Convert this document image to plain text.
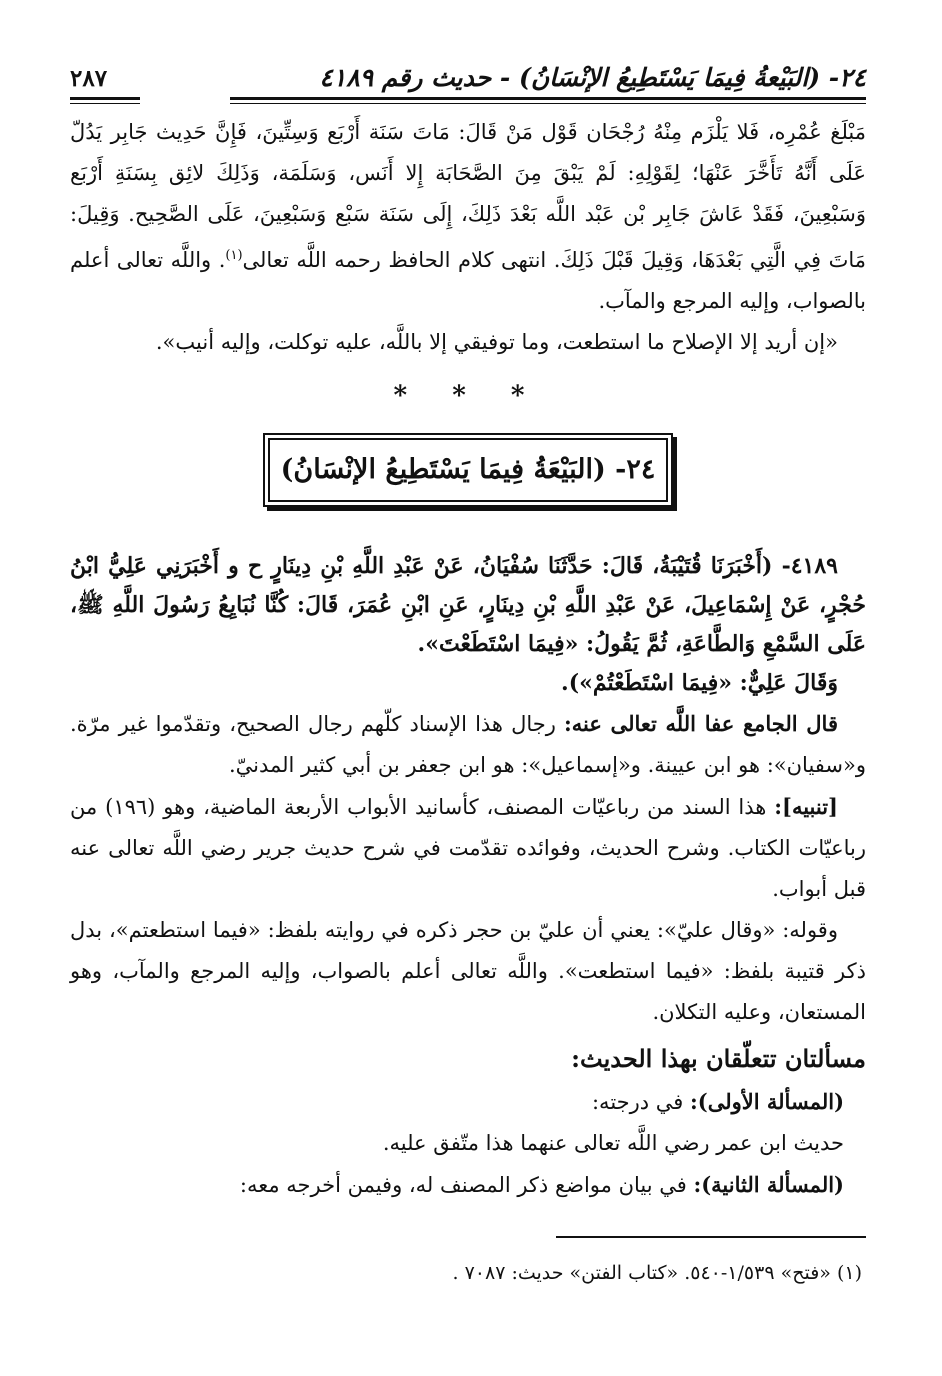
٢٤- (البَيْعةُ فِيمَا يَسْتَطِيعُ الإنْسَانُ) - حديث رقم ٤١٨٩
٢٨٧

مَبْلَغ عُمْرِه، فَلا يَلْزَم مِنْهُ رُجْحَان قَوْل مَنْ قَالَ: مَاتَ سَنَة أَرْبَع وَسِتِّينَ، فَإِنَّ حَدِيث جَابِر يَدُلّ عَلَى أَنَّهُ تَأَخَّرَ عَنْهَا؛ لِقَوْلِهِ: لَمْ يَبْقَ مِنَ الصَّحَابَة إِلا أَنَس، وَسَلَمَة، وَذَلِكَ لائِق بِسَنَةِ أَرْبَع وَسَبْعِينَ، فَقَدْ عَاشَ جَابِر بْن عَبْد اللَّه بَعْدَ ذَلِكَ، إِلَى سَنَة سَبْع وَسَبْعِينَ، عَلَى الصَّحِيح. وَقِيلَ: مَاتَ فِي الَّتِي بَعْدَهَا، وَقِيلَ قَبْلَ ذَلِكَ. انتهى كلام الحافظ رحمه اللَّه تعالى$^{(١)}$. واللَّه تعالى أعلم بالصواب، وإليه المرجع والمآب.

«إن أريد إلا الإصلاح ما استطعت، وما توفيقي إلا باللَّه، عليه توكلت، وإليه أنيب».

* * *
٢٤- (البَيْعَةُ فِيمَا يَسْتَطِيعُ الإنْسَانُ)

٤١٨٩- (أَخْبَرَنَا قُتَيْبَةُ، قَالَ: حَدَّثَنَا سُفْيَانُ، عَنْ عَبْدِ اللَّهِ بْنِ دِينَارٍ ح و أَخْبَرَنِي عَلِيُّ ابْنُ حُجْرٍ، عَنْ إِسْمَاعِيلَ، عَنْ عَبْدِ اللَّهِ بْنِ دِينَارٍ، عَنِ ابْنِ عُمَرَ، قَالَ: كُنَّا نُبَايِعُ رَسُولَ اللَّهِ ﷺ، عَلَى السَّمْعِ وَالطَّاعَةِ، ثُمَّ يَقُولُ: «فِيمَا اسْتَطَعْتَ».

وَقَالَ عَلِيٌّ: «فِيمَا اسْتَطَعْتُمْ»).

قال الجامع عفا اللَّه تعالى عنه: رجال هذا الإسناد كلّهم رجال الصحيح، وتقدّموا غير مرّة. و«سفيان»: هو ابن عيينة. و«إسماعيل»: هو ابن جعفر بن أبي كثير المدنيّ.

[تنبيه]: هذا السند من رباعيّات المصنف، كأسانيد الأبواب الأربعة الماضية، وهو (١٩٦) من رباعيّات الكتاب. وشرح الحديث، وفوائده تقدّمت في شرح حديث جرير رضي اللَّه تعالى عنه قبل أبواب.

وقوله: «وقال عليّ»: يعني أن عليّ بن حجر ذكره في روايته بلفظ: «فيما استطعتم»، بدل ذكر قتيبة بلفظ: «فيما استطعت». واللَّه تعالى أعلم بالصواب، وإليه المرجع والمآب، وهو المستعان، وعليه التكلان.

مسألتان تتعلّقان بهذا الحديث:

(المسألة الأولى): في درجته:

حديث ابن عمر رضي اللَّه تعالى عنهما هذا متّفق عليه.

(المسألة الثانية): في بيان مواضع ذكر المصنف له، وفيمن أخرجه معه:

(١) «فتح» ١/٥٣٩-٥٤٠. «كتاب الفتن» حديث: ٧٠٨٧ .
